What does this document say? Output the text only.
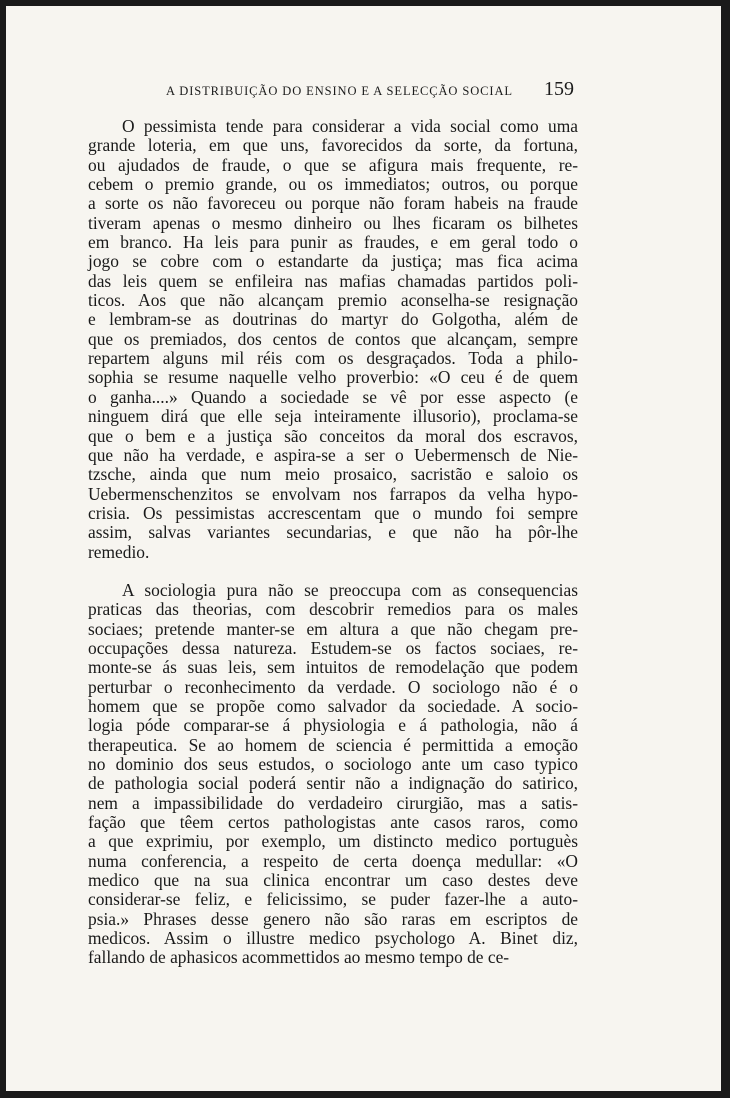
A DISTRIBUIÇÃO DO ENSINO E A SELECÇÃO SOCIAL 159

O pessimista tende para considerar a vida social como uma
grande loteria, em que uns, favorecidos da sorte, da fortuna,
ou ajudados de fraude, o que se afigura mais frequente, re-
cebem o premio grande, ou os immediatos; outros, ou porque
a sorte os não favoreceu ou porque não foram habeis na fraude
tiveram apenas o mesmo dinheiro ou lhes ficaram os bilhetes
em branco. Ha leis para punir as fraudes, e em geral todo o
jogo se cobre com o estandarte da justiça; mas fica acima
das leis quem se enfileira nas mafias chamadas partidos poli-
ticos. Aos que não alcançam premio aconselha-se resignação
e lembram-se as doutrinas do martyr do Golgotha, além de
que os premiados, dos centos de contos que alcançam, sempre
repartem alguns mil réis com os desgraçados. Toda a philo-
sophia se resume naquelle velho proverbio: «O ceu é de quem
o ganha....» Quando a sociedade se vê por esse aspecto (e
ninguem dirá que elle seja inteiramente illusorio), proclama-se
que o bem e a justiça são conceitos da moral dos escravos,
que não ha verdade, e aspira-se a ser o Uebermensch de Nie-
tzsche, ainda que num meio prosaico, sacristão e saloio os
Uebermenschenzitos se envolvam nos farrapos da velha hypo-
crisia. Os pessimistas accrescentam que o mundo foi sempre
assim, salvas variantes secundarias, e que não ha pôr-lhe
remedio.

A sociologia pura não se preoccupa com as consequencias
praticas das theorias, com descobrir remedios para os males
sociaes; pretende manter-se em altura a que não chegam pre-
occupações dessa natureza. Estudem-se os factos sociaes, re-
monte-se ás suas leis, sem intuitos de remodelação que podem
perturbar o reconhecimento da verdade. O sociologo não é o
homem que se propõe como salvador da sociedade. A socio-
logia póde comparar-se á physiologia e á pathologia, não á
therapeutica. Se ao homem de sciencia é permittida a emoção
no dominio dos seus estudos, o sociologo ante um caso typico
de pathologia social poderá sentir não a indignação do satirico,
nem a impassibilidade do verdadeiro cirurgião, mas a satis-
fação que têem certos pathologistas ante casos raros, como
a que exprimiu, por exemplo, um distincto medico portuguès
numa conferencia, a respeito de certa doença medullar: «O
medico que na sua clinica encontrar um caso destes deve
considerar-se feliz, e felicissimo, se puder fazer-lhe a auto-
psia.» Phrases desse genero não são raras em escriptos de
medicos. Assim o illustre medico psychologo A. Binet diz,
fallando de aphasicos acommettidos ao mesmo tempo de ce-
